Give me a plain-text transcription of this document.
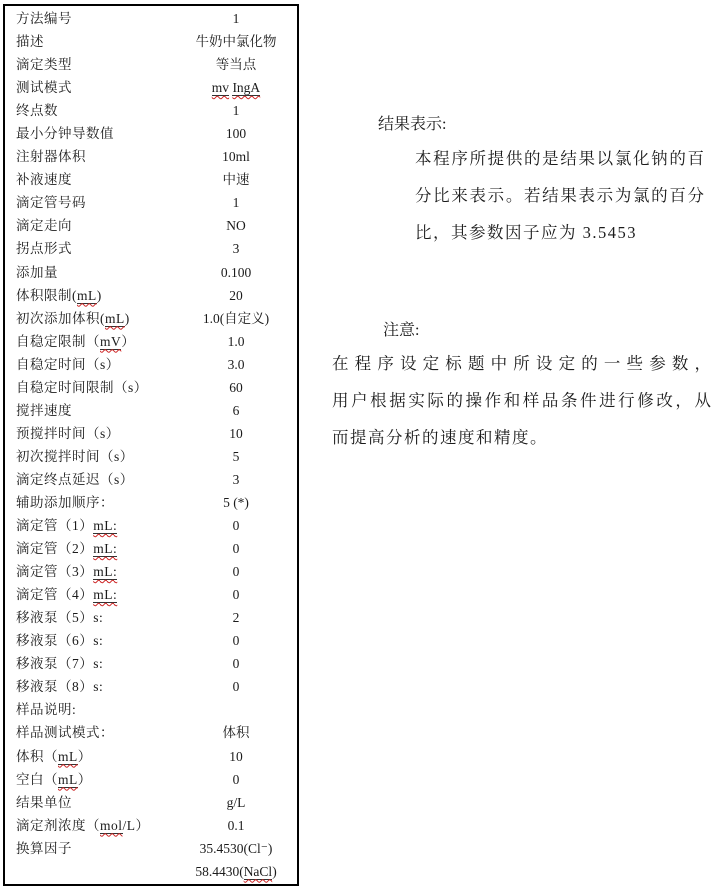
方法编号	1
描述	牛奶中氯化物
滴定类型	等当点
测试模式	mv IngA
终点数	1
最小分钟导数值	100
注射器体积	10ml
补液速度	中速
滴定管号码	1
滴定走向	NO
拐点形式	3
添加量	0.100
体积限制(mL)	20
初次添加体积(mL)	1.0(自定义)
自稳定限制（mV）	1.0
自稳定时间（s）	3.0
自稳定时间限制（s）	60
搅拌速度	6
预搅拌时间（s）	10
初次搅拌时间（s）	5
滴定终点延迟（s）	3
辅助添加顺序：	5 (*)
滴定管（1）mL:	0
滴定管（2）mL:	0
滴定管（3）mL:	0
滴定管（4）mL:	0
移液泵（5）s:	2
移液泵（6）s:	0
移液泵（7）s:	0
移液泵（8）s:	0
样品说明:
样品测试模式：	体积
体积（mL）	10
空白（mL）	0
结果单位	g/L
滴定剂浓度（mol/L）	0.1
换算因子	35.4530(Cl⁻)
58.4430(NaCl)
结果表示:
本程序所提供的是结果以氯化钠的百
分比来表示。若结果表示为氯的百分
比，其参数因子应为 3.5453
注意:
在程序设定标题中所设定的一些参数，
用户根据实际的操作和样品条件进行修改，从
而提高分析的速度和精度。
